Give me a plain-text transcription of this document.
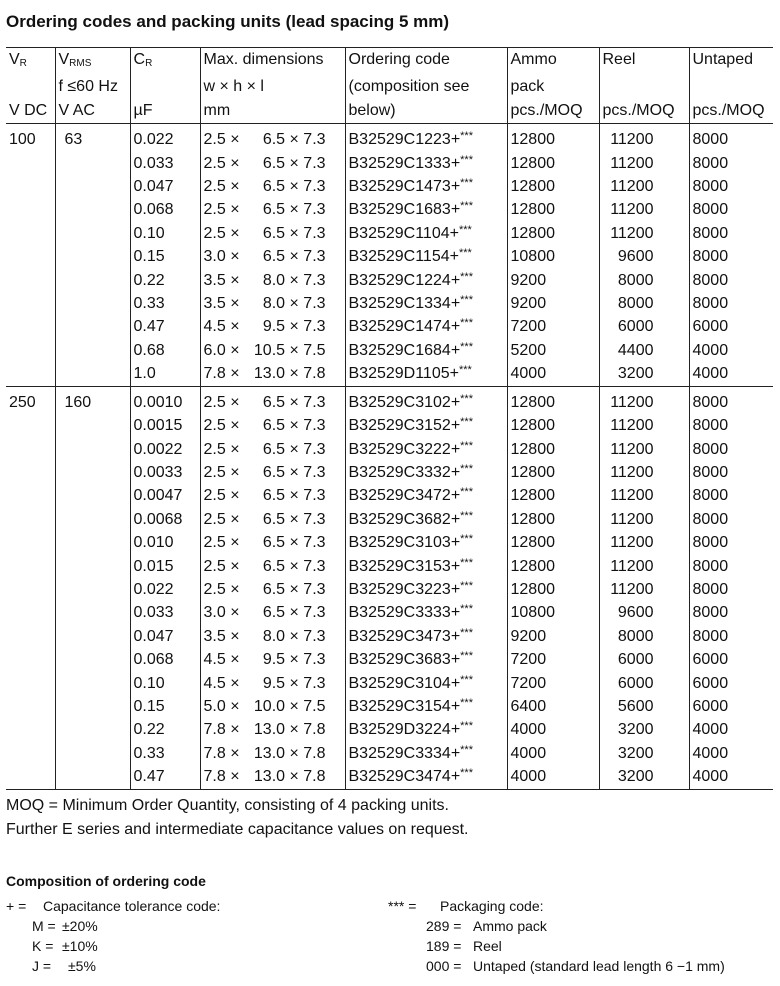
Ordering codes and packing units (lead spacing 5 mm)
$V_R$	$V_{RMS}$	$C_R$	Max. dimensions	Ordering code	Ammo	Reel	Untaped
	f ≤60 Hz		w × h × l	(composition see	pack		
V DC	V AC	µF	mm	below)	pcs./MOQ	pcs./MOQ	pcs./MOQ
100	63	0.022	2.5 × 6.5 × 7.3	B32529C1223+***	12800	11200	8000
		0.033	2.5 × 6.5 × 7.3	B32529C1333+***	12800	11200	8000
		0.047	2.5 × 6.5 × 7.3	B32529C1473+***	12800	11200	8000
		0.068	2.5 × 6.5 × 7.3	B32529C1683+***	12800	11200	8000
		0.10	2.5 × 6.5 × 7.3	B32529C1104+***	12800	11200	8000
		0.15	3.0 × 6.5 × 7.3	B32529C1154+***	10800	9600	8000
		0.22	3.5 × 8.0 × 7.3	B32529C1224+***	9200	8000	8000
		0.33	3.5 × 8.0 × 7.3	B32529C1334+***	9200	8000	8000
		0.47	4.5 × 9.5 × 7.3	B32529C1474+***	7200	6000	6000
		0.68	6.0 × 10.5 × 7.5	B32529C1684+***	5200	4400	4000
		1.0	7.8 × 13.0 × 7.8	B32529D1105+***	4000	3200	4000
250	160	0.0010	2.5 × 6.5 × 7.3	B32529C3102+***	12800	11200	8000
		0.0015	2.5 × 6.5 × 7.3	B32529C3152+***	12800	11200	8000
		0.0022	2.5 × 6.5 × 7.3	B32529C3222+***	12800	11200	8000
		0.0033	2.5 × 6.5 × 7.3	B32529C3332+***	12800	11200	8000
		0.0047	2.5 × 6.5 × 7.3	B32529C3472+***	12800	11200	8000
		0.0068	2.5 × 6.5 × 7.3	B32529C3682+***	12800	11200	8000
		0.010	2.5 × 6.5 × 7.3	B32529C3103+***	12800	11200	8000
		0.015	2.5 × 6.5 × 7.3	B32529C3153+***	12800	11200	8000
		0.022	2.5 × 6.5 × 7.3	B32529C3223+***	12800	11200	8000
		0.033	3.0 × 6.5 × 7.3	B32529C3333+***	10800	9600	8000
		0.047	3.5 × 8.0 × 7.3	B32529C3473+***	9200	8000	8000
		0.068	4.5 × 9.5 × 7.3	B32529C3683+***	7200	6000	6000
		0.10	4.5 × 9.5 × 7.3	B32529C3104+***	7200	6000	6000
		0.15	5.0 × 10.0 × 7.5	B32529C3154+***	6400	5600	6000
		0.22	7.8 × 13.0 × 7.8	B32529D3224+***	4000	3200	4000
		0.33	7.8 × 13.0 × 7.8	B32529C3334+***	4000	3200	4000
		0.47	7.8 × 13.0 × 7.8	B32529C3474+***	4000	3200	4000
MOQ = Minimum Order Quantity, consisting of 4 packing units.
Further E series and intermediate capacitance values on request.
Composition of ordering code
+ = Capacitance tolerance code:
M = ±20%
K = ±10%
J = ±5%
*** = Packaging code:
289 = Ammo pack
189 = Reel
000 = Untaped (standard lead length 6 −1 mm)
